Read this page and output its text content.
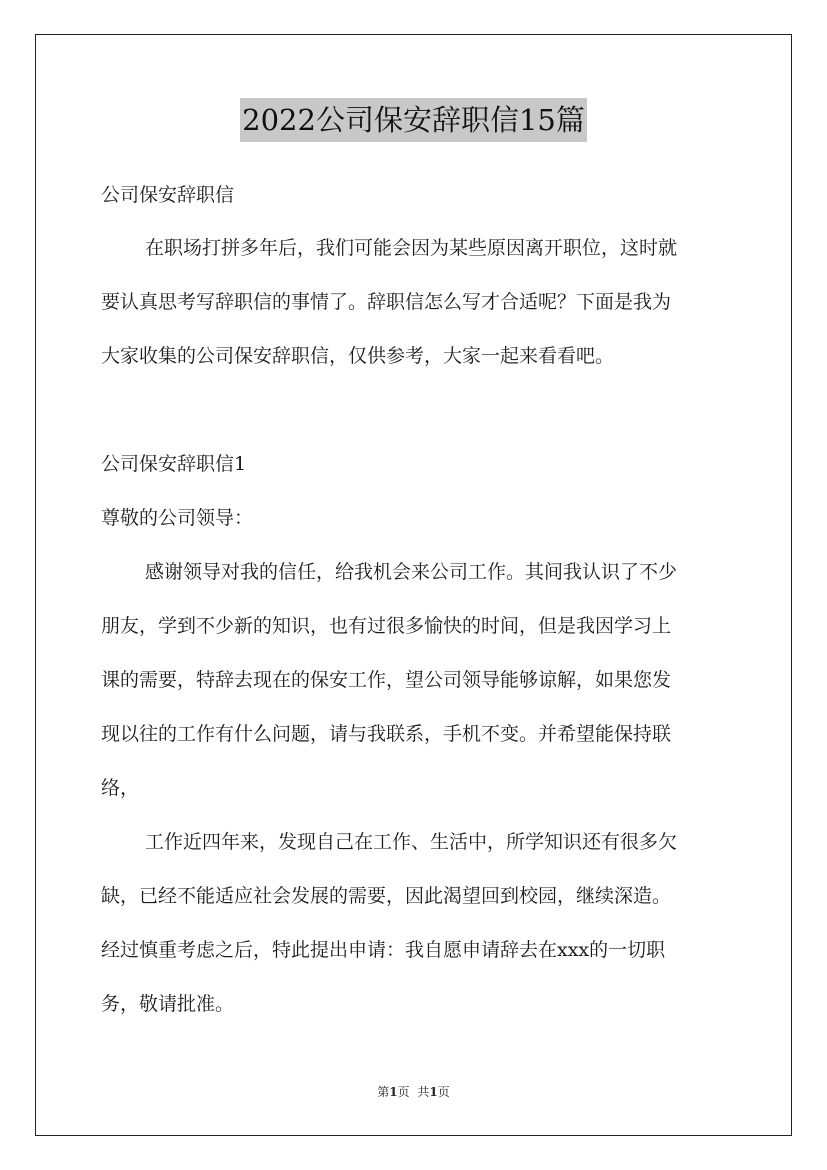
2022公司保安辞职信15篇
公司保安辞职信
在职场打拼多年后，我们可能会因为某些原因离开职位，这时就
要认真思考写辞职信的事情了。辞职信怎么写才合适呢？下面是我为
大家收集的公司保安辞职信，仅供参考，大家一起来看看吧。
公司保安辞职信1
尊敬的公司领导：
感谢领导对我的信任，给我机会来公司工作。其间我认识了不少
朋友，学到不少新的知识，也有过很多愉快的时间，但是我因学习上
课的需要，特辞去现在的保安工作，望公司领导能够谅解，如果您发
现以往的工作有什么问题，请与我联系，手机不变。并希望能保持联
络，
工作近四年来，发现自己在工作、生活中，所学知识还有很多欠
缺，已经不能适应社会发展的需要，因此渴望回到校园，继续深造。
经过慎重考虑之后，特此提出申请：我自愿申请辞去在xxx的一切职
务，敬请批准。
第1页 共1页
